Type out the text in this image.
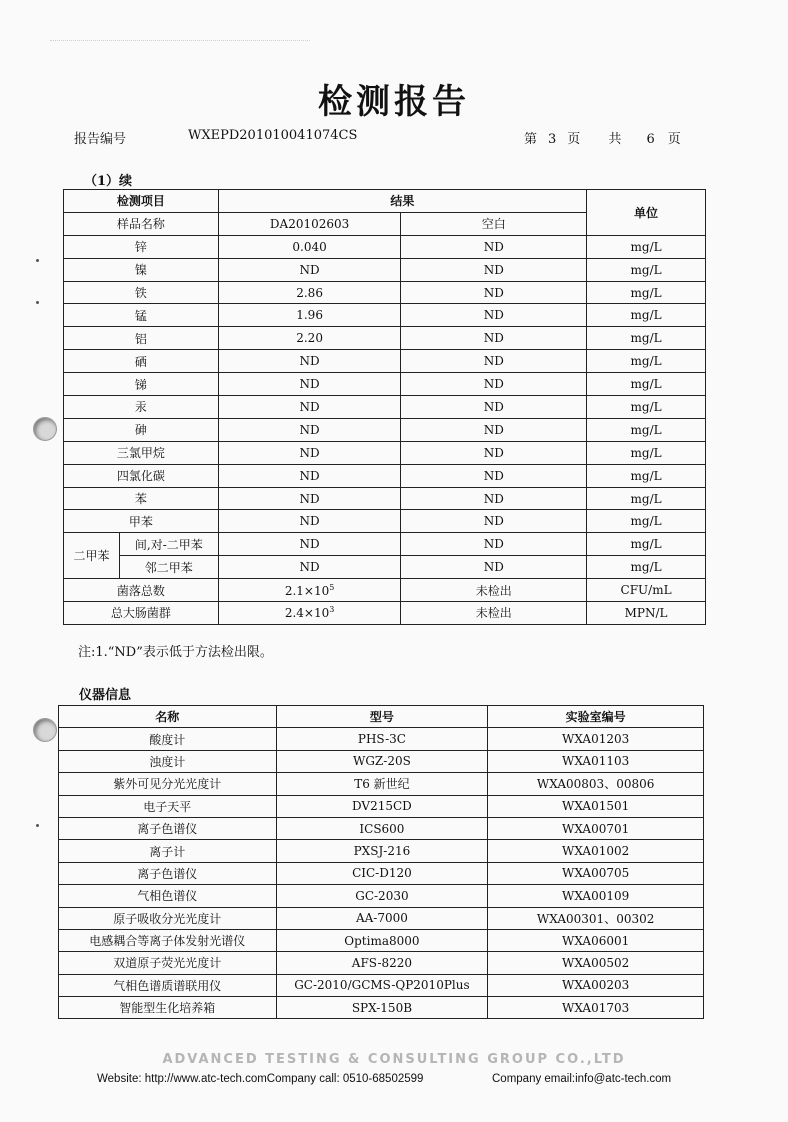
检测报告
报告编号	WXEPD201010041074CS	第 3 页 共 6 页
（1）续
检测项目		结果		单位
样品名称		DA20102603	空白	
锌		0.040	ND	mg/L
镍		ND	ND	mg/L
铁		2.86	ND	mg/L
锰		1.96	ND	mg/L
铝		2.20	ND	mg/L
硒		ND	ND	mg/L
锑		ND	ND	mg/L
汞		ND	ND	mg/L
砷		ND	ND	mg/L
三氯甲烷		ND	ND	mg/L
四氯化碳		ND	ND	mg/L
苯		ND	ND	mg/L
甲苯		ND	ND	mg/L
二甲苯	间,对-二甲苯	ND	ND	mg/L
	邻二甲苯	ND	ND	mg/L
菌落总数		$2.1\times 10^5$	未检出	CFU/mL
总大肠菌群		$2.4\times 10^3$	未检出	MPN/L
注:1.“ND”表示低于方法检出限。
仪器信息
名称	型号	实验室编号
酸度计	PHS-3C	WXA01203
浊度计	WGZ-20S	WXA01103
紫外可见分光光度计	T6 新世纪	WXA00803、00806
电子天平	DV215CD	WXA01501
离子色谱仪	ICS600	WXA00701
离子计	PXSJ-216	WXA01002
离子色谱仪	CIC-D120	WXA00705
气相色谱仪	GC-2030	WXA00109
原子吸收分光光度计	AA-7000	WXA00301、00302
电感耦合等离子体发射光谱仪	Optima8000	WXA06001
双道原子荧光光度计	AFS-8220	WXA00502
气相色谱质谱联用仪	GC-2010/GCMS-QP2010Plus	WXA00203
智能型生化培养箱	SPX-150B	WXA01703
ADVANCED TESTING & CONSULTING GROUP CO.,LTD
Website: http://www.atc-tech.comCompany call: 0510-68502599	Company email:info@atc-tech.com
